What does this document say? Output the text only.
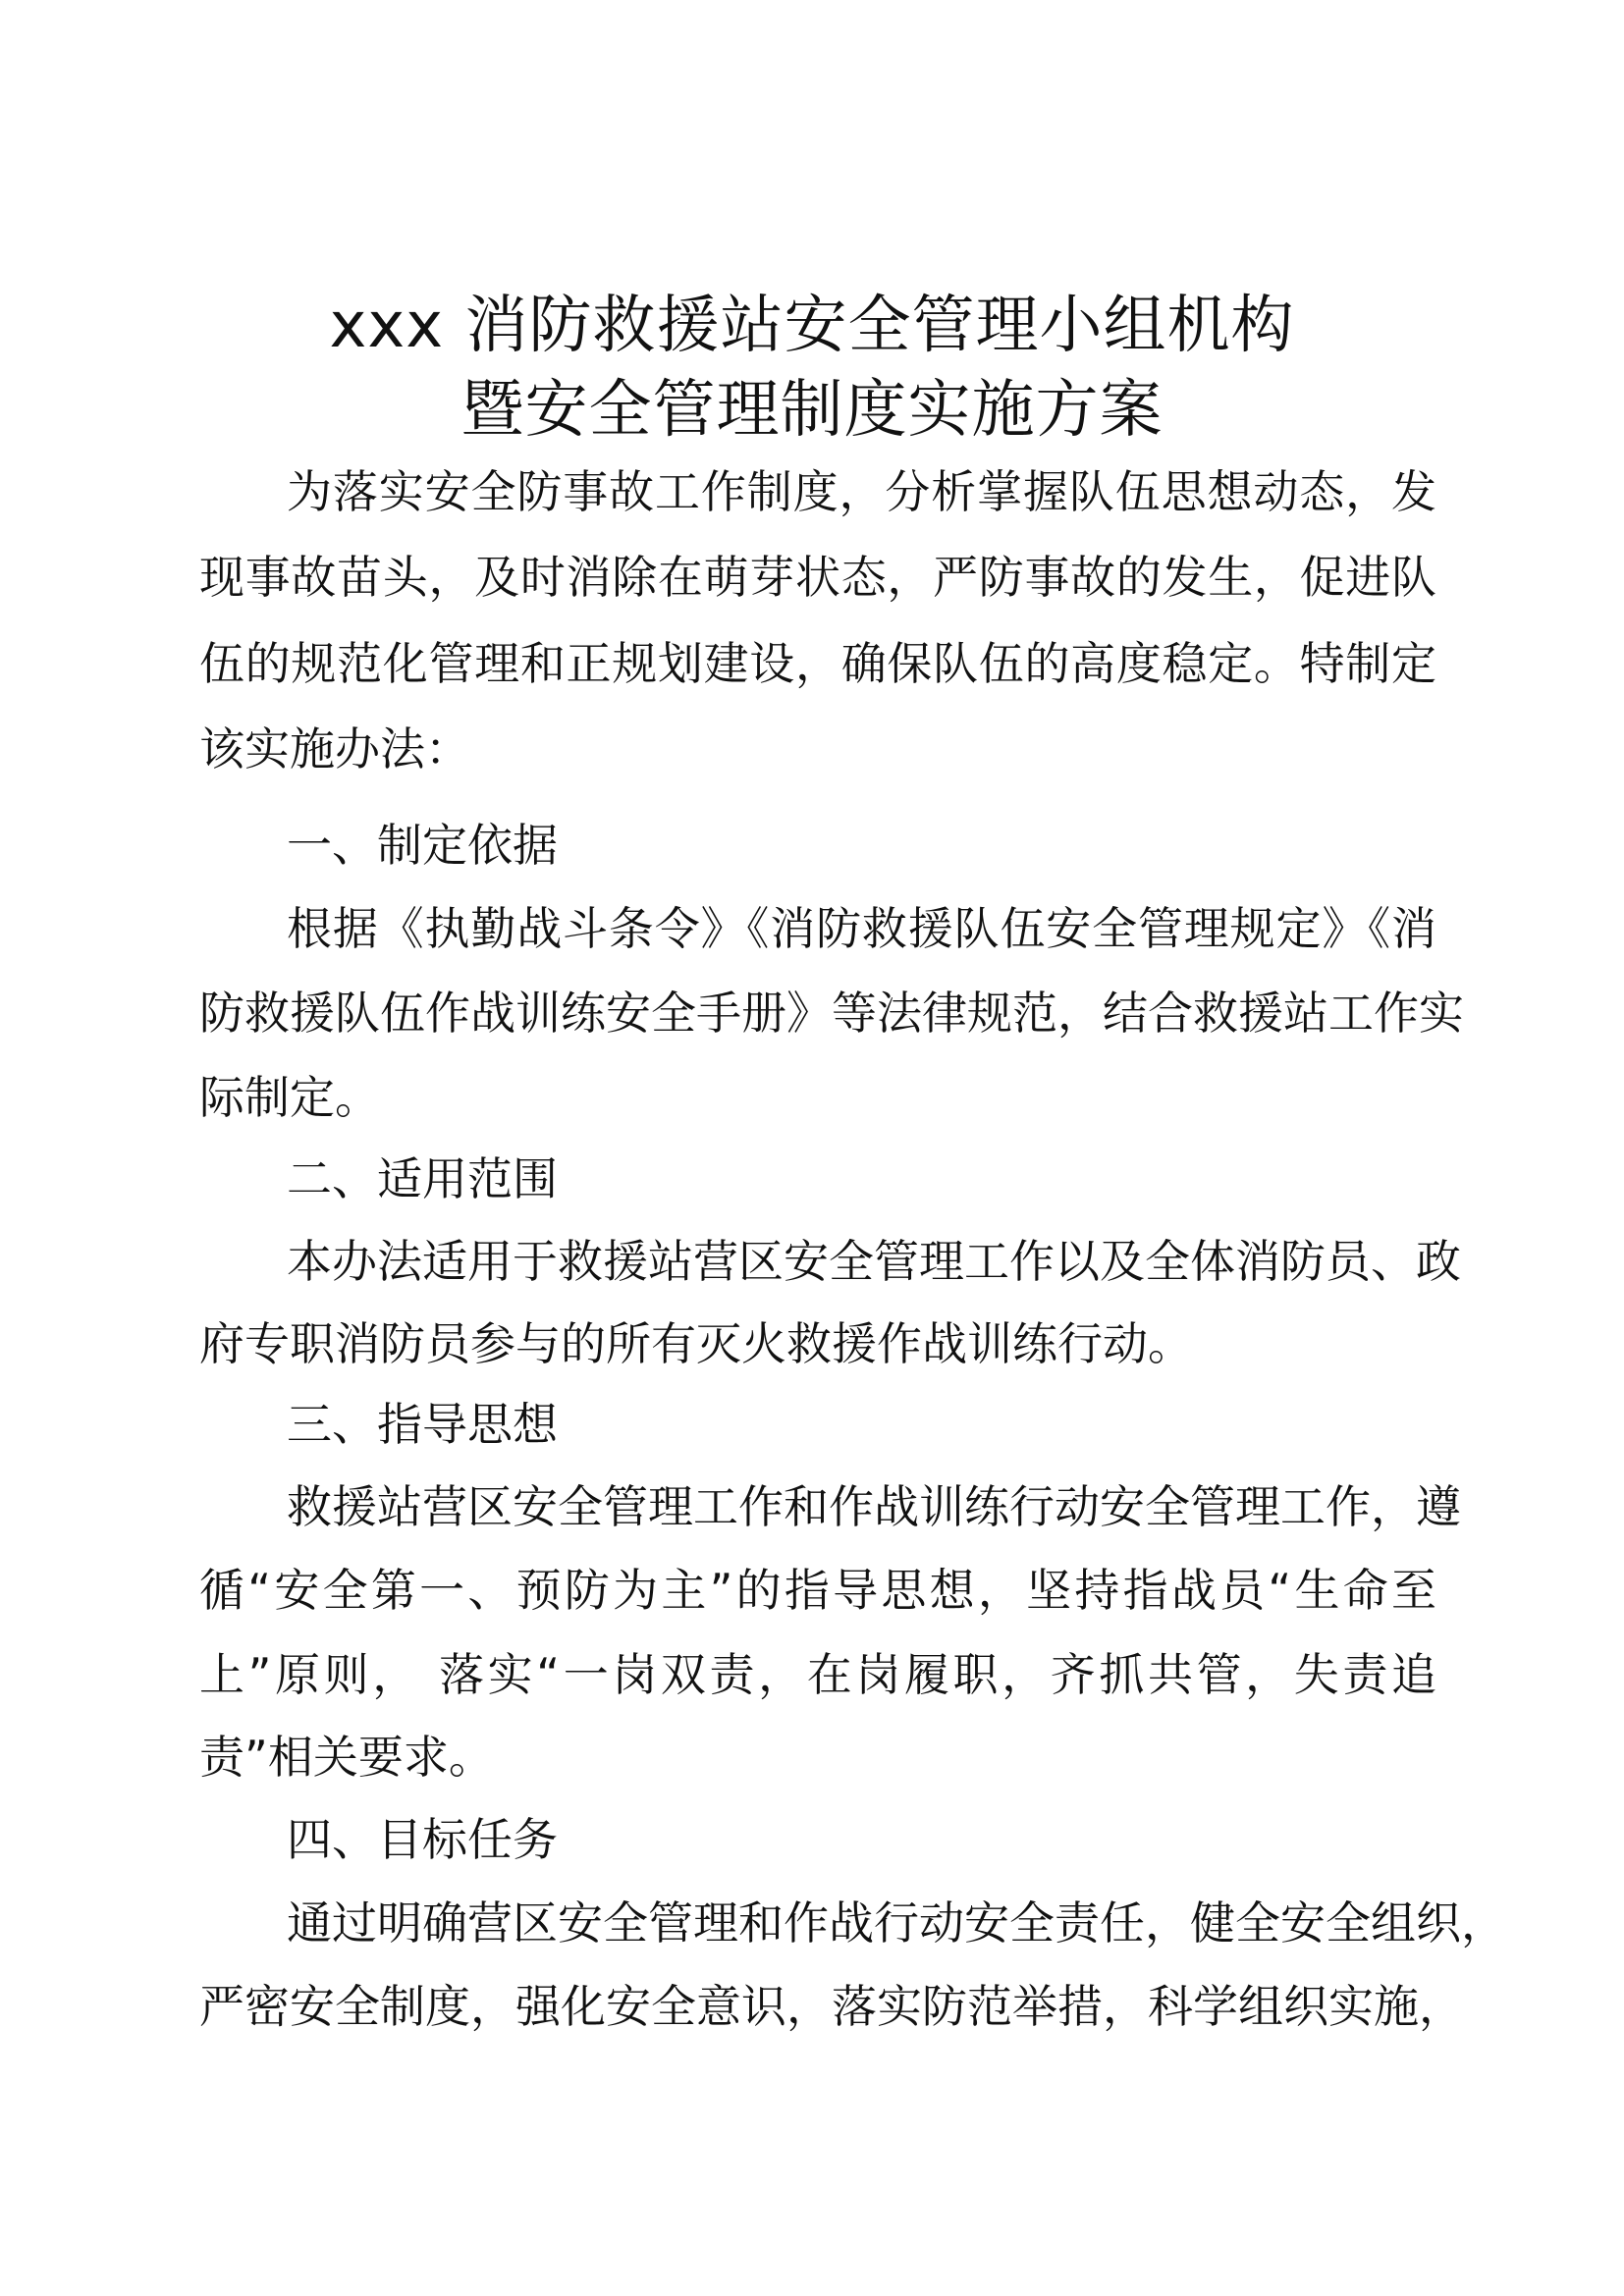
xxx 消防救援站安全管理小组机构
暨安全管理制度实施方案
为落实安全防事故工作制度，分析掌握队伍思想动态，发
现事故苗头，及时消除在萌芽状态，严防事故的发生，促进队
伍的规范化管理和正规划建设，确保队伍的高度稳定。特制定
该实施办法：
一、制定依据
根据《执勤战斗条令》《消防救援队伍安全管理规定》《消
防救援队伍作战训练安全手册》等法律规范，结合救援站工作实
际制定。
二、适用范围
本办法适用于救援站营区安全管理工作以及全体消防员、政
府专职消防员参与的所有灭火救援作战训练行动。
三、指导思想
救援站营区安全管理工作和作战训练行动安全管理工作，遵
循“安全第一、预防为主”的指导思想，坚持指战员“生命至
上”原则， 落实“一岗双责，在岗履职，齐抓共管，失责追
责”相关要求。
四、目标任务
通过明确营区安全管理和作战行动安全责任，健全安全组织，
严密安全制度，强化安全意识，落实防范举措，科学组织实施，
